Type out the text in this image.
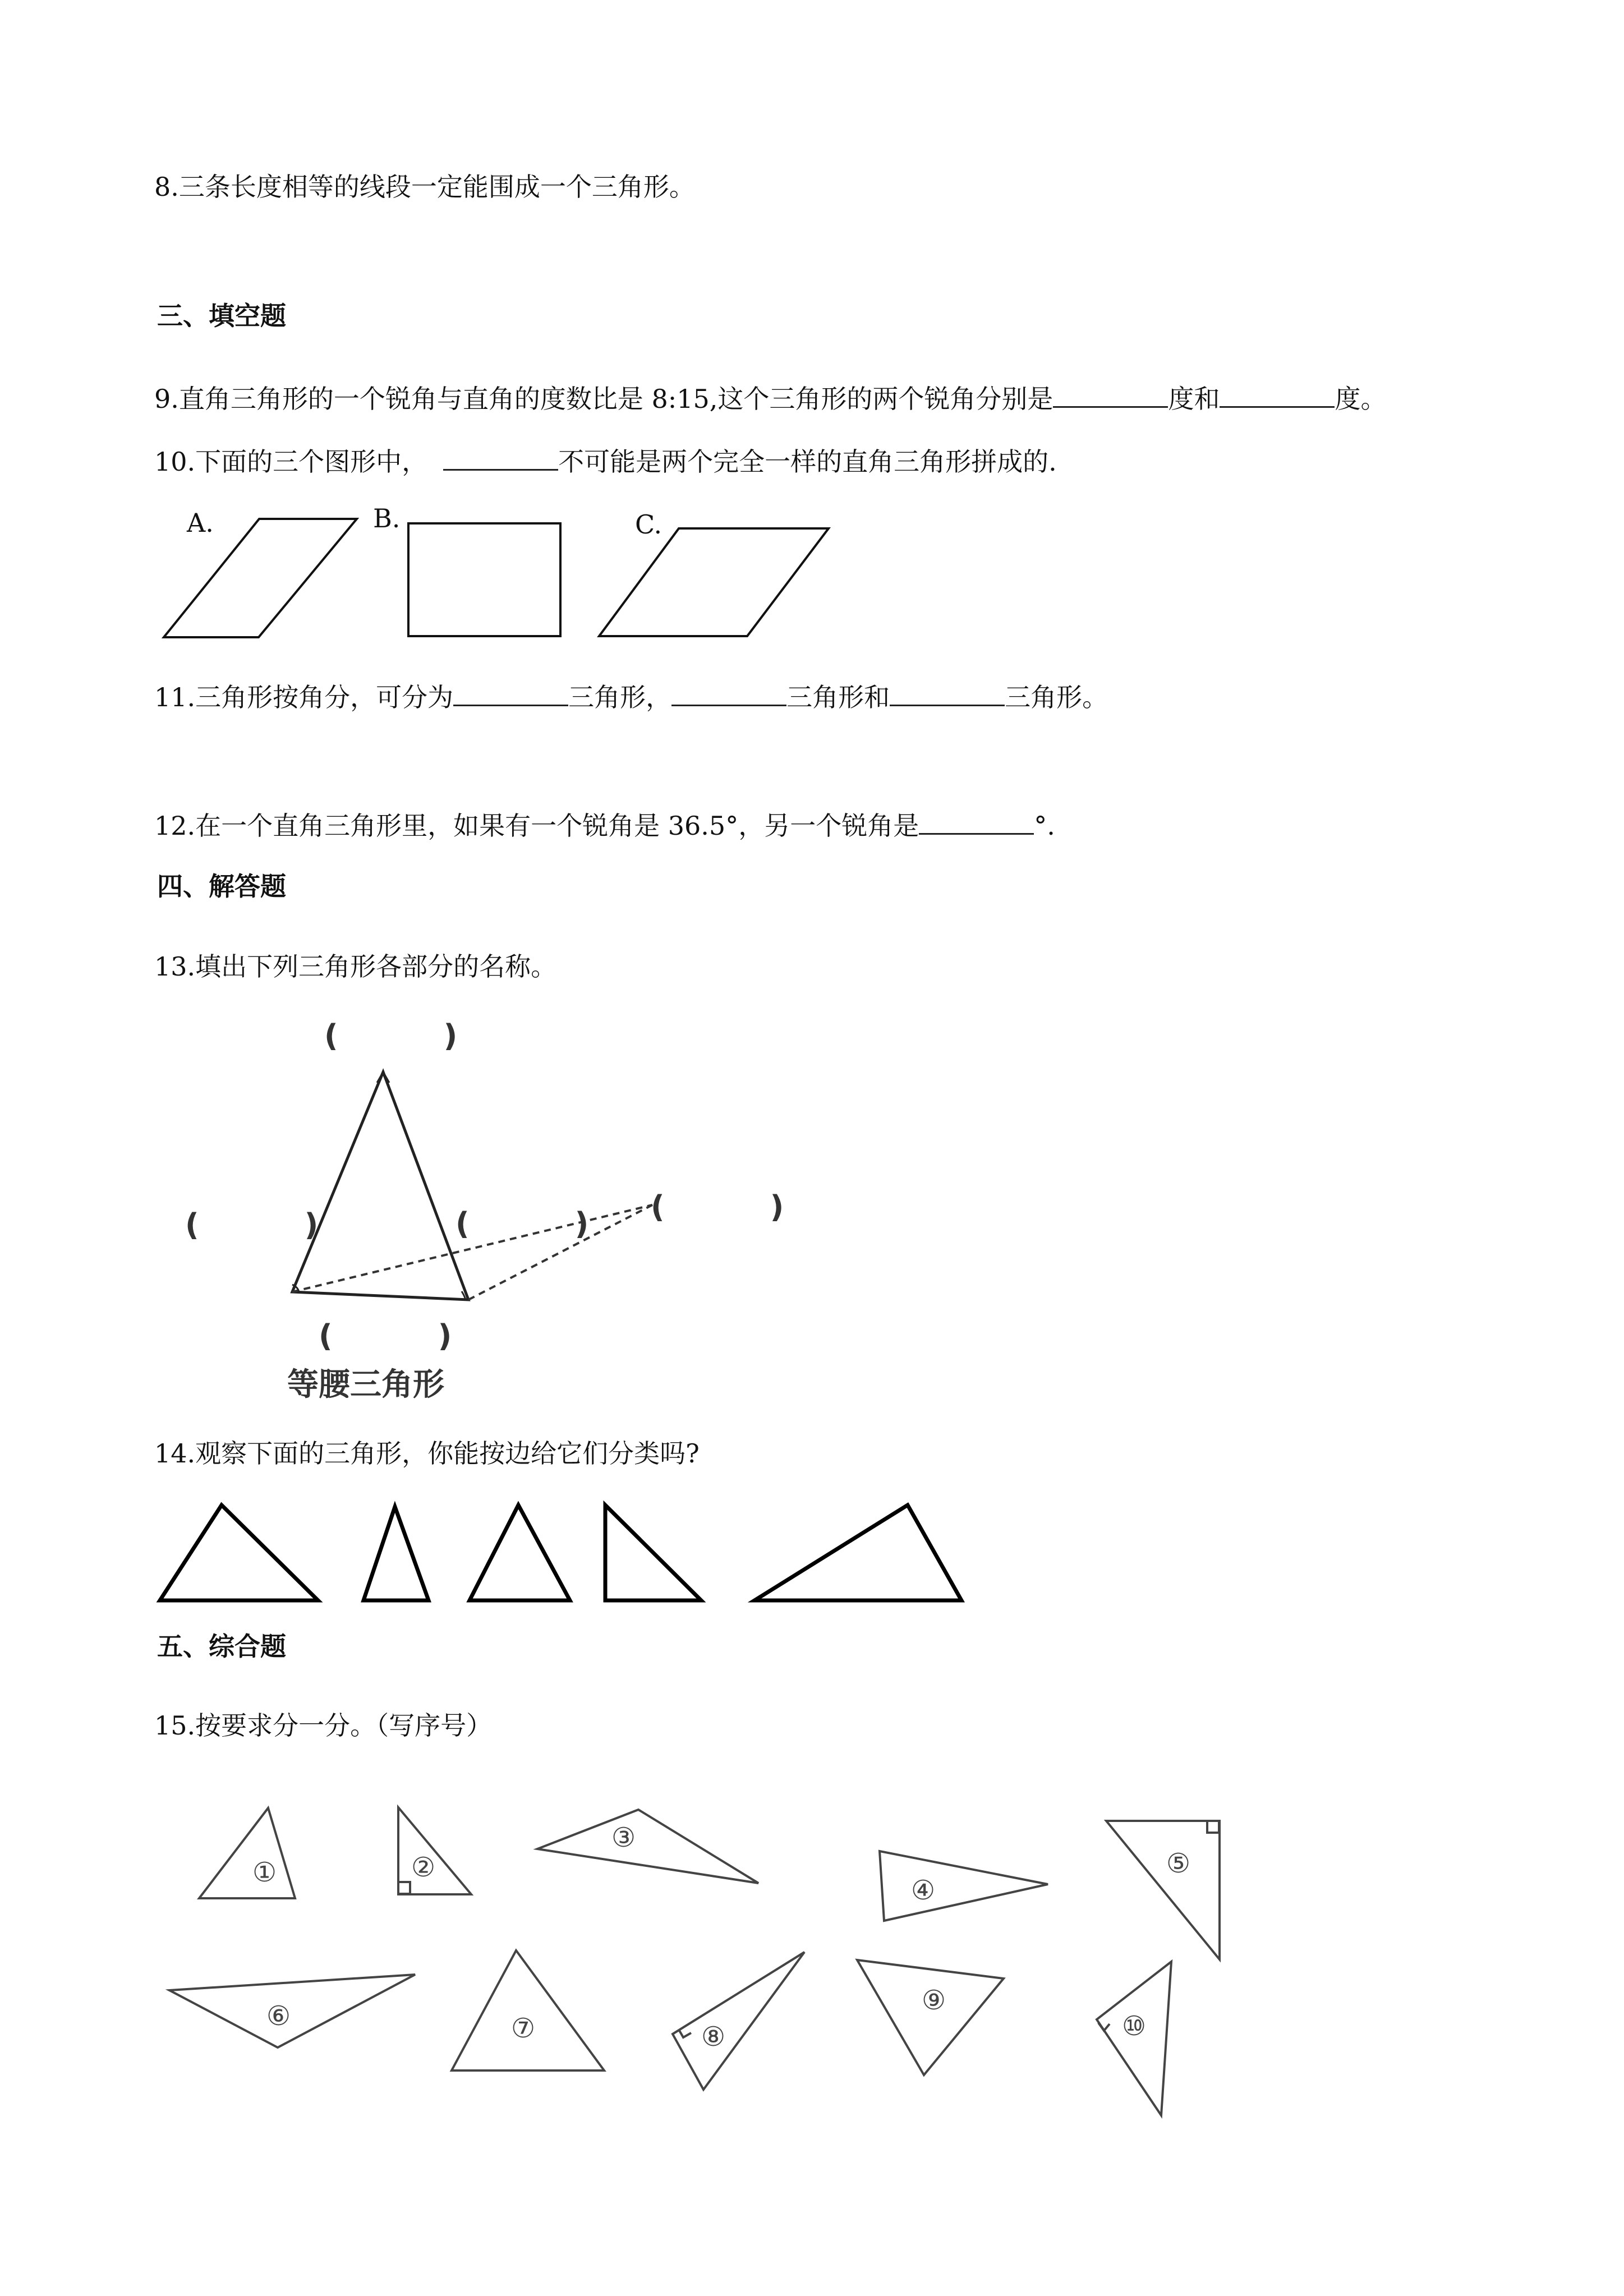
8.三条长度相等的线段一定能围成一个三角形。
三、填空题
9.直角三角形的一个锐角与直角的度数比是 8:15,这个三角形的两个锐角分别是	度和	度。
10.下面的三个图形中，	不可能是两个完全一样的直角三角形拼成的.
A.	B.	C.
(          )
(          )	(          ) (          )
(          )
等腰三角形
①	②
③
④
⑤
⑥	⑦	⑧
⑨
⑩
11.三角形按角分，可分为	三角形，	三角形和	三角形。
12.在一个直角三角形里，如果有一个锐角是 36.5°，另一个锐角是	°.
四、解答题
13.填出下列三角形各部分的名称。
14.观察下面的三角形，你能按边给它们分类吗?
五、综合题
15.按要求分一分。（写序号）
